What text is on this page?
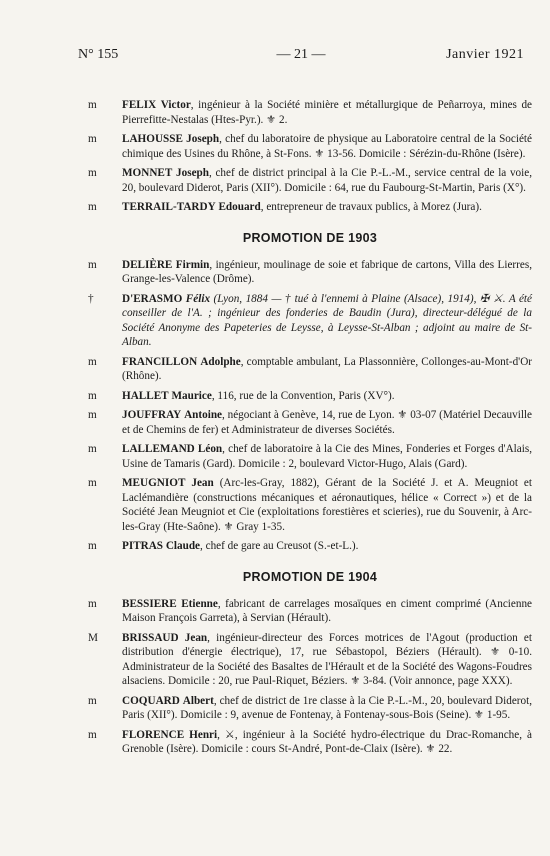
N° 155	— 21 —	Janvier 1921
m FELIX Victor, ingénieur à la Société minière et métallurgique de Peñarroya, mines de Pierrefitte-Nestalas (Htes-Pyr.). ⚜ 2.
m LAHOUSSE Joseph, chef du laboratoire de physique au Laboratoire central de la Société chimique des Usines du Rhône, à St-Fons. ⚜ 13-56. Domicile : Sérézin-du-Rhône (Isère).
m MONNET Joseph, chef de district principal à la Cie P.-L.-M., service central de la voie, 20, boulevard Diderot, Paris (XII°). Domicile : 64, rue du Faubourg-St-Martin, Paris (X°).
m TERRAIL-TARDY Edouard, entrepreneur de travaux publics, à Morez (Jura).
PROMOTION DE 1903
m DELIÈRE Firmin, ingénieur, moulinage de soie et fabrique de cartons, Villa des Lierres, Grange-les-Valence (Drôme).
†	D'ERASMO Félix (Lyon, 1884 — † tué à l'ennemi à Plaine (Alsace), 1914), ✠ ⚔. A été conseiller de l'A. ; ingénieur des fonderies de Baudin (Jura), directeur-délégué de la Société Anonyme des Papeteries de Leysse, à Leysse-St-Alban ; adjoint au maire de St-Alban.
m FRANCILLON Adolphe, comptable ambulant, La Plassonnière, Collonges-au-Mont-d'Or (Rhône).
m HALLET Maurice, 116, rue de la Convention, Paris (XV°).
m JOUFFRAY Antoine, négociant à Genève, 14, rue de Lyon. ⚜ 03-07 (Matériel Decauville et de Chemins de fer) et Administrateur de diverses Sociétés.
m LALLEMAND Léon, chef de laboratoire à la Cie des Mines, Fonderies et Forges d'Alais, Usine de Tamaris (Gard). Domicile : 2, boulevard Victor-Hugo, Alais (Gard).
m MEUGNIOT Jean (Arc-les-Gray, 1882), Gérant de la Société J. et A. Meugniot et Laclémandière (constructions mécaniques et aéronautiques, hélice « Correct ») et de la Société Jean Meugniot et Cie (exploitations forestières et scieries), rue du Souvenir, à Arc-les-Gray (Hte-Saône). ⚜ Gray 1-35.
m PITRAS Claude, chef de gare au Creusot (S.-et-L.).
PROMOTION DE 1904
m BESSIERE Etienne, fabricant de carrelages mosaïques en ciment comprimé (Ancienne Maison François Garreta), à Servian (Hérault).
M BRISSAUD Jean, ingénieur-directeur des Forces motrices de l'Agout (production et distribution d'énergie électrique), 17, rue Sébastopol, Béziers (Hérault). ⚜ 0-10. Administrateur de la Société des Basaltes de l'Hérault et de la Société des Wagons-Foudres alsaciens. Domicile : 20, rue Paul-Riquet, Béziers. ⚜ 3-84. (Voir annonce, page XXX).
m COQUARD Albert, chef de district de 1re classe à la Cie P.-L.-M., 20, boulevard Diderot, Paris (XII°). Domicile : 9, avenue de Fontenay, à Fontenay-sous-Bois (Seine). ⚜ 1-95.
m FLORENCE Henri, ⚔, ingénieur à la Société hydro-électrique du Drac-Romanche, à Grenoble (Isère). Domicile : cours St-André, Pont-de-Claix (Isère). ⚜ 22.
